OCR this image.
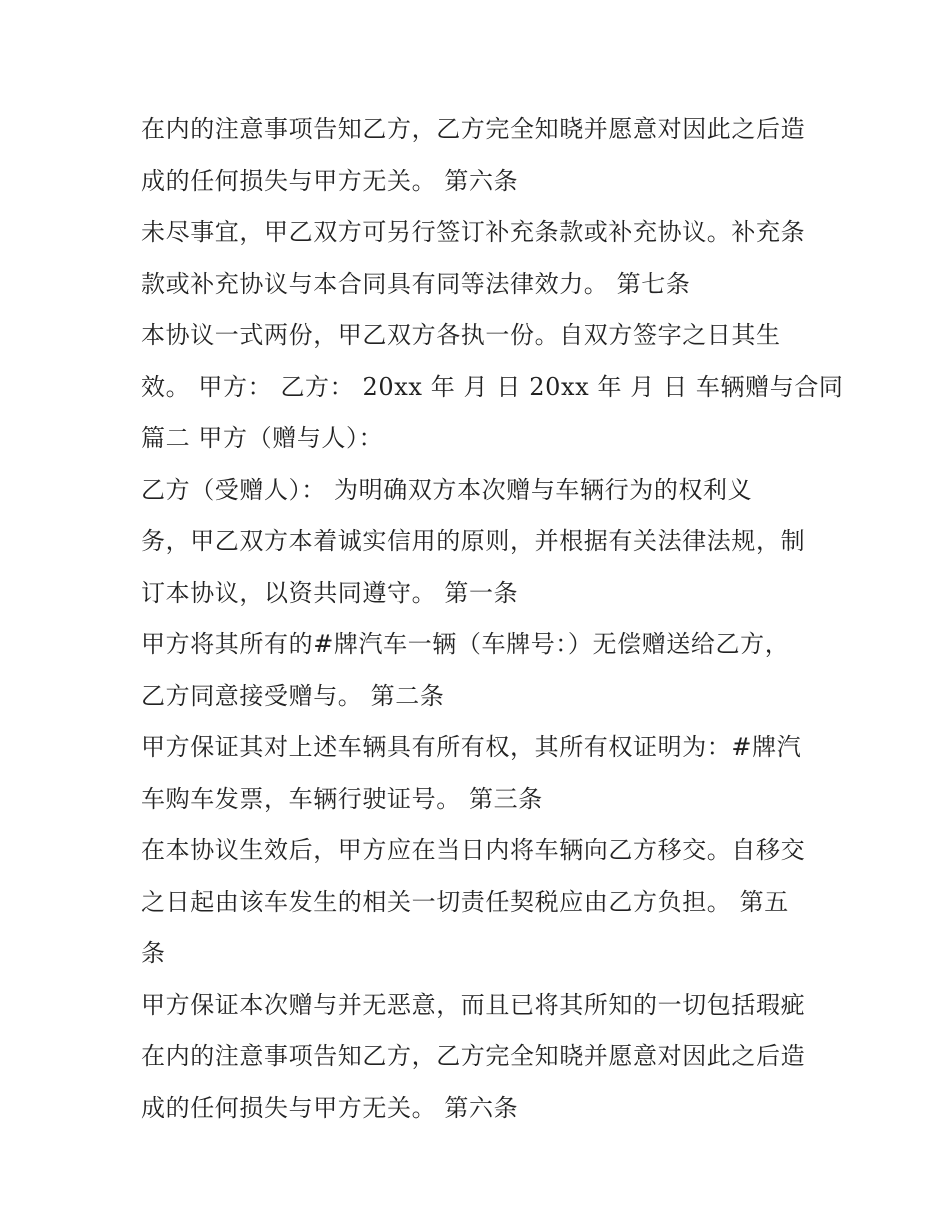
在内的注意事项告知乙方，乙方完全知晓并愿意对因此之后造
成的任何损失与甲方无关。 第六条
未尽事宜，甲乙双方可另行签订补充条款或补充协议。补充条
款或补充协议与本合同具有同等法律效力。 第七条
本协议一式两份，甲乙双方各执一份。自双方签字之日其生
效。 甲方： 乙方： 20xx 年 月 日 20xx 年 月 日 车辆赠与合同
篇二 甲方（赠与人）：
乙方（受赠人）： 为明确双方本次赠与车辆行为的权利义
务，甲乙双方本着诚实信用的原则，并根据有关法律法规，制
订本协议，以资共同遵守。 第一条
甲方将其所有的#牌汽车一辆（车牌号：）无偿赠送给乙方，
乙方同意接受赠与。 第二条
甲方保证其对上述车辆具有所有权，其所有权证明为：#牌汽
车购车发票，车辆行驶证号。 第三条
在本协议生效后，甲方应在当日内将车辆向乙方移交。自移交
之日起由该车发生的相关一切责任契税应由乙方负担。 第五
条
甲方保证本次赠与并无恶意，而且已将其所知的一切包括瑕疵
在内的注意事项告知乙方，乙方完全知晓并愿意对因此之后造
成的任何损失与甲方无关。 第六条
